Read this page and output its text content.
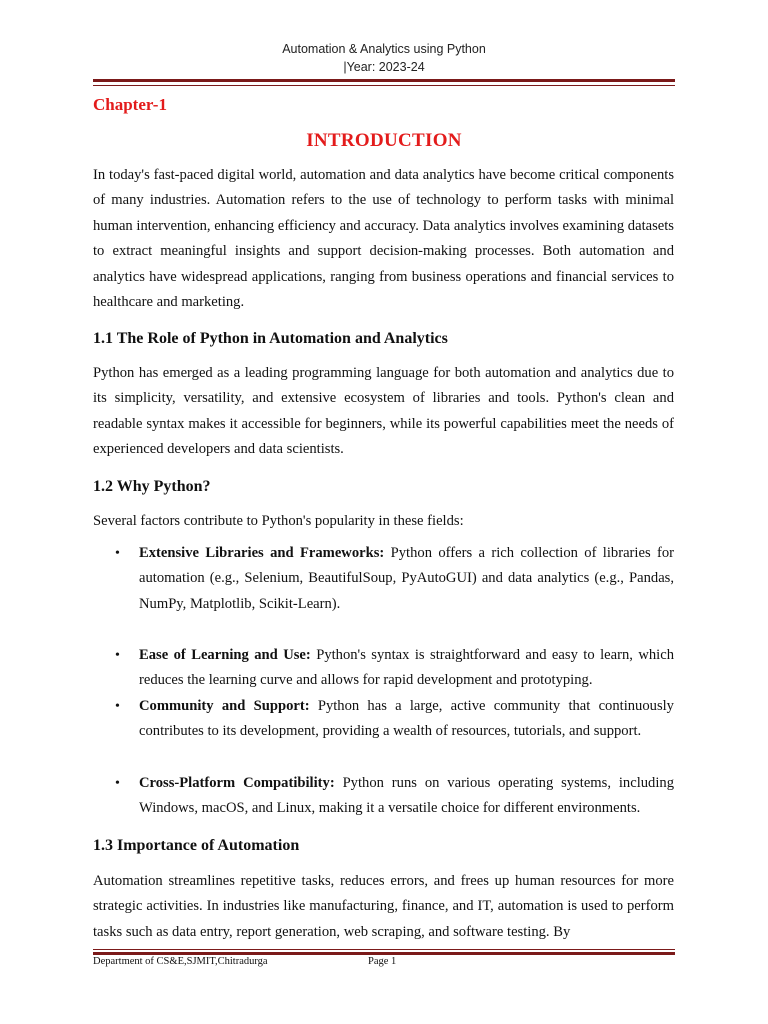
Automation & Analytics using Python
|Year: 2023-24
Chapter-1
INTRODUCTION
In today's fast-paced digital world, automation and data analytics have become critical components of many industries. Automation refers to the use of technology to perform tasks with minimal human intervention, enhancing efficiency and accuracy. Data analytics involves examining datasets to extract meaningful insights and support decision-making processes. Both automation and analytics have widespread applications, ranging from business operations and financial services to healthcare and marketing.
1.1 The Role of Python in Automation and Analytics
Python has emerged as a leading programming language for both automation and analytics due to its simplicity, versatility, and extensive ecosystem of libraries and tools. Python's clean and readable syntax makes it accessible for beginners, while its powerful capabilities meet the needs of experienced developers and data scientists.
1.2 Why Python?
Several factors contribute to Python's popularity in these fields:
• Extensive Libraries and Frameworks: Python offers a rich collection of libraries for automation (e.g., Selenium, BeautifulSoup, PyAutoGUI) and data analytics (e.g., Pandas, NumPy, Matplotlib, Scikit-Learn).
• Ease of Learning and Use: Python's syntax is straightforward and easy to learn, which reduces the learning curve and allows for rapid development and prototyping.
• Community and Support: Python has a large, active community that continuously contributes to its development, providing a wealth of resources, tutorials, and support.
• Cross-Platform Compatibility: Python runs on various operating systems, including Windows, macOS, and Linux, making it a versatile choice for different environments.
1.3 Importance of Automation
Automation streamlines repetitive tasks, reduces errors, and frees up human resources for more strategic activities. In industries like manufacturing, finance, and IT, automation is used to perform tasks such as data entry, report generation, web scraping, and software testing. By
Department of CS&E,SJMIT,Chitradurga	Page 1
